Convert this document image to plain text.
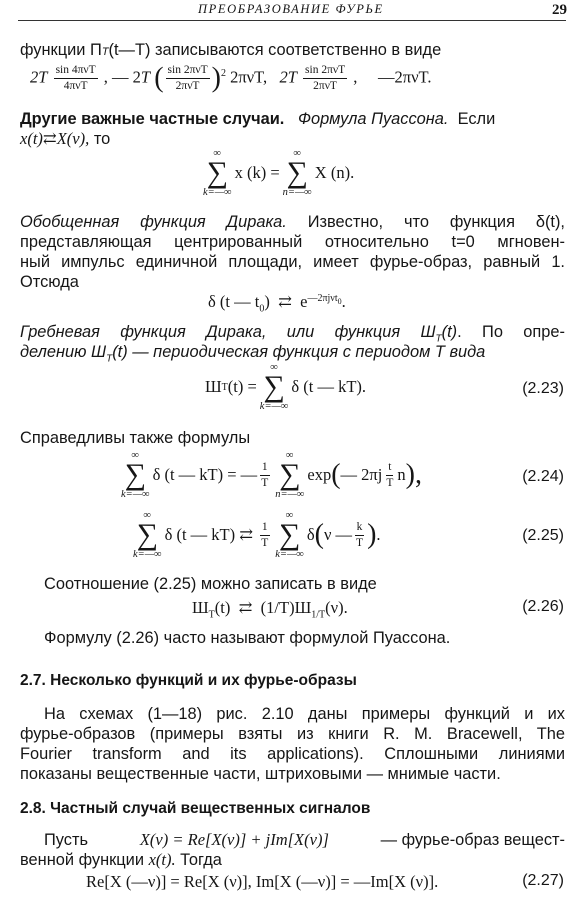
ПРЕОБРАЗОВАНИЕ ФУРЬЕ	29
функции ΠT(t—T) записываются соответственно в виде
$2T \frac{\text{sin 4πνT}}{\text{4πνT}}$ , — 2T ( $\frac{\text{sin 2πνT}}{\text{2πνT}} )^2$ 2πνT, $2T \frac{\text{sin 2πνT}}{\text{2πνT}}$ ,     —2πνT.
Другие важные частные случаи. Формула Пуассона. Если
x(t)⇄X(ν), то
∞
∑
k=—∞
x (k) =
∞
∑
n=—∞
X (n).
Обобщенная функция Дирака. Известно, что функция δ(t),
представляющая центрированный относительно t=0 мгновен-
ный импульс единичной площади, имеет фурье-образ, равный 1.
Отсюда
δ (t — $t_0$) ⇄ $e^{—2\pi j\nu t_0}$.
Гребневая функция Дирака, или функция $Ш_T(t)$. По опре-
делению $Ш_T(t)$ — периодическая функция с периодом T вида
Ш T (t) =
∞
∑
k=—∞
δ (t — kT).	(2.23)
Справедливы также формулы
∞
∑
k=—∞
δ (t — kT) = — $\frac{1}{T}$
∞
∑
n=—∞
exp ( — $2\pi j \frac{t}{T}$ n ),	(2.24)
∞
∑
k=—∞
δ (t — kT)
⇄
$\frac{1}{T}$
∞
∑
k=—∞
δ ( ν — $\frac{k}{T}$ ) .	(2.25)
Соотношение (2.25) можно записать в виде
$Ш_T(t)$ ⇄ $(1/T)Ш_{1/T}(\nu)$.	(2.26)
Формулу (2.26) часто называют формулой Пуассона.
2.7. Несколько функций и их фурье-образы
На схемах (1—18) рис. 2.10 даны примеры функций и их
фурье-образов (примеры взяты из книги R. M. Bracewell, The
Fourier transform and its applications). Сплошными линиями
показаны вещественные части, штриховыми — мнимые части.
2.8. Частный случай вещественных сигналов
Пусть	X(ν) = Re[X(ν)] + jIm[X(ν)]	— фурье-образ вещест-
венной функции x(t). Тогда
Re[X (—ν)] = Re[X (ν)], Im[X (—ν)] = —Im[X (ν)].	(2.27)
